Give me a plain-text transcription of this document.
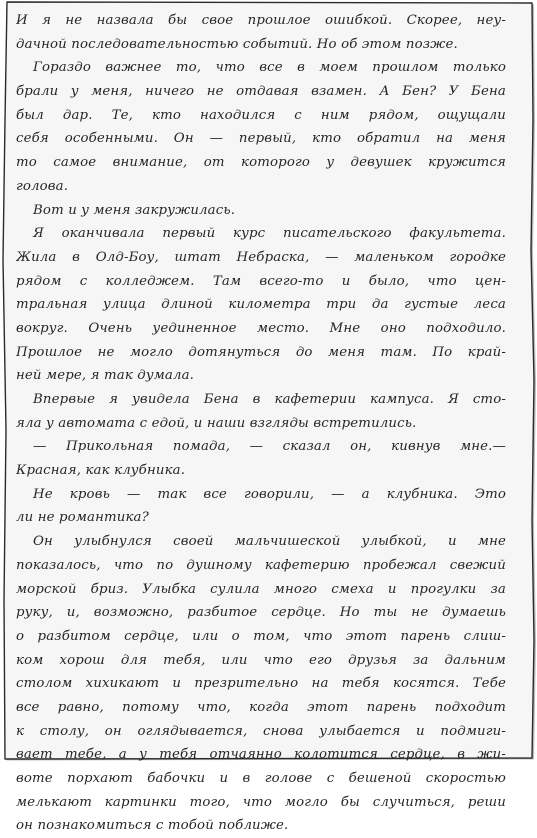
И я не назвала бы свое прошлое ошибкой. Скорее, неу-
дачной последовательностью событий. Но об этом позже.
Гораздо важнее то, что все в моем прошлом только
брали у меня, ничего не отдавая взамен. А Бен? У Бена
был дар. Те, кто находился с ним рядом, ощущали
себя особенными. Он — первый, кто обратил на меня
то самое внимание, от которого у девушек кружится
голова.
Вот и у меня закружилась.
Я оканчивала первый курс писательского факультета.
Жила в Олд-Боу, штат Небраска, — маленьком городке
рядом с колледжем. Там всего-то и было, что цен-
тральная улица длиной километра три да густые леса
вокруг. Очень уединенное место. Мне оно подходило.
Прошлое не могло дотянуться до меня там. По край-
ней мере, я так думала.
Впервые я увидела Бена в кафетерии кампуса. Я сто-
яла у автомата с едой, и наши взгляды встретились.
— Прикольная помада, — сказал он, кивнув мне.—
Красная, как клубника.
Не кровь — так все говорили, — а клубника. Это
ли не романтика?
Он улыбнулся своей мальчишеской улыбкой, и мне
показалось, что по душному кафетерию пробежал свежий
морской бриз. Улыбка сулила много смеха и прогулки за
руку, и, возможно, разбитое сердце. Но ты не думаешь
о разбитом сердце, или о том, что этот парень слиш-
ком хорош для тебя, или что его друзья за дальним
столом хихикают и презрительно на тебя косятся. Тебе
все равно, потому что, когда этот парень подходит
к столу, он оглядывается, снова улыбается и подмиги-
вает тебе, а у тебя отчаянно колотится сердце, в жи-
воте порхают бабочки и в голове с бешеной скоростью
мелькают картинки того, что могло бы случиться, реши
он познакомиться с тобой поближе.
